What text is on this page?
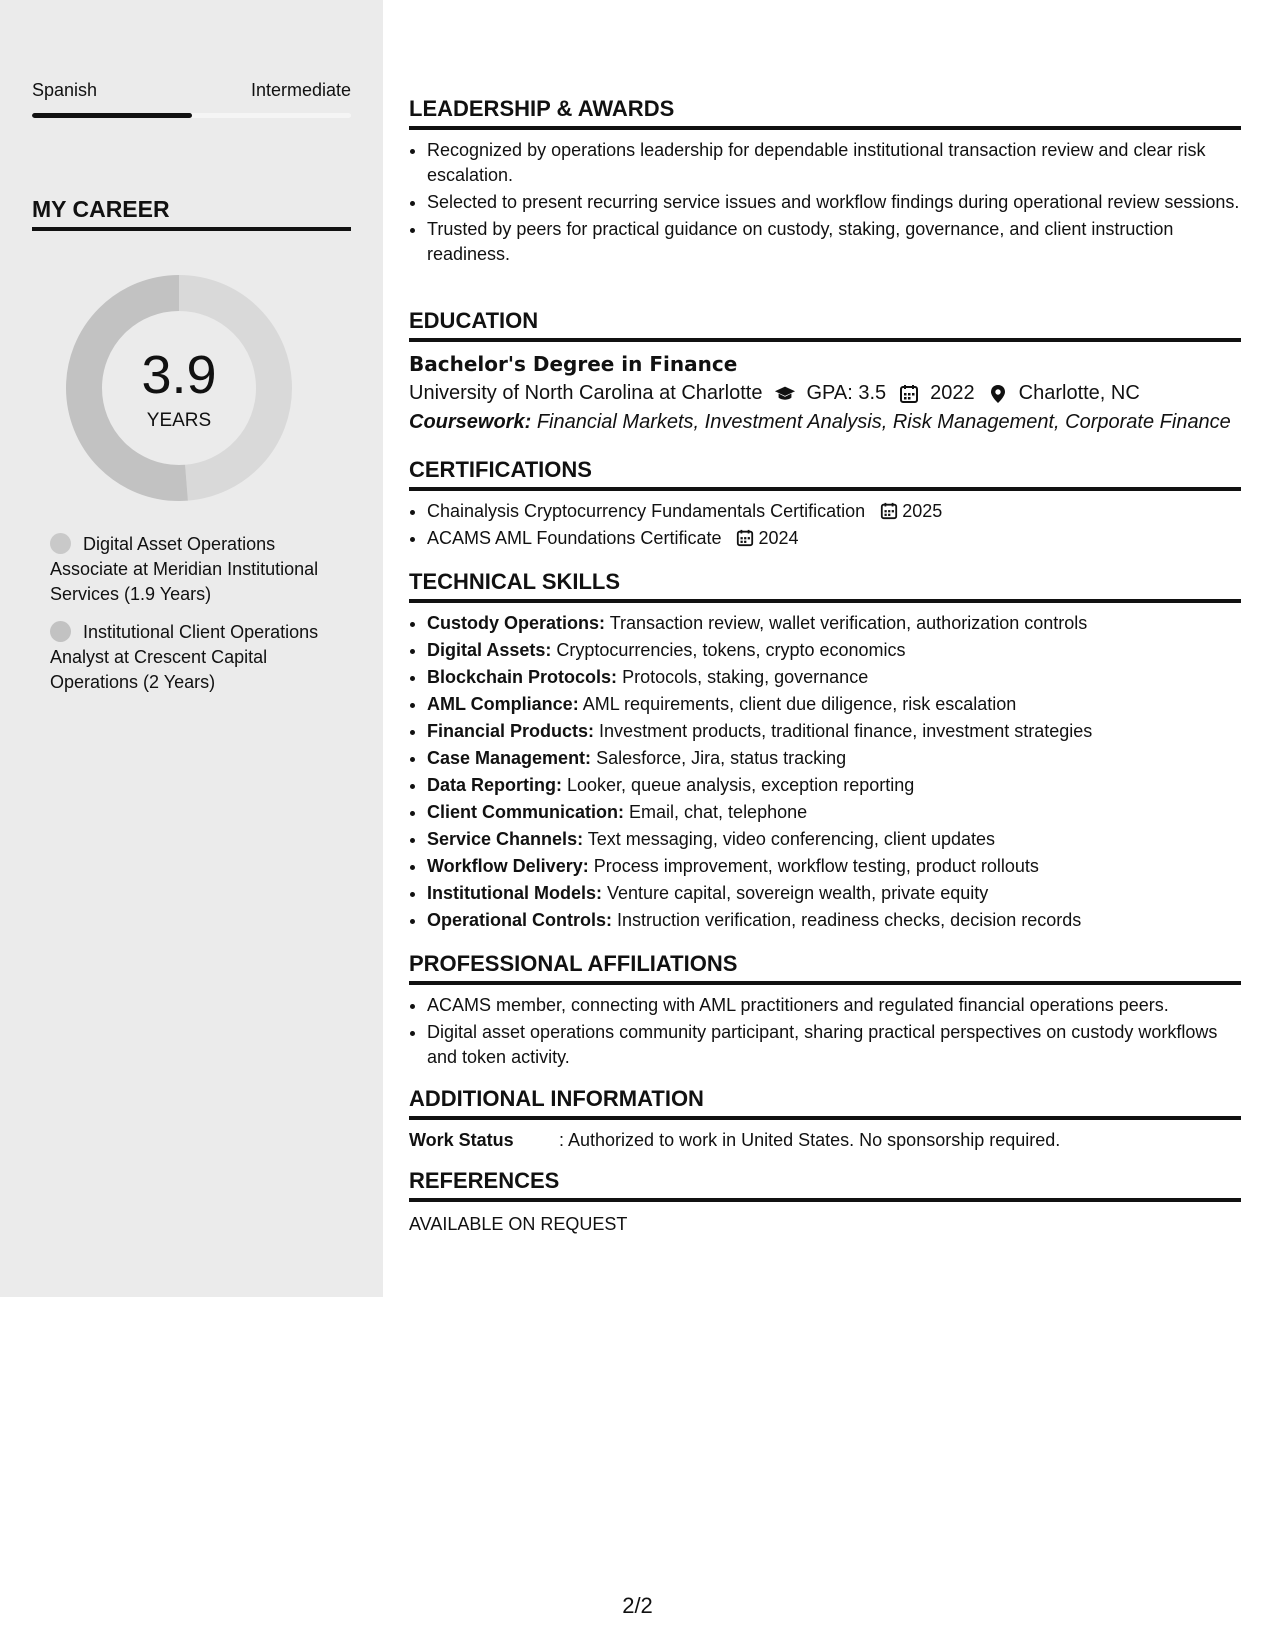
Spanish	Intermediate
MY CAREER
3.9
YEARS
Digital Asset Operations Associate at Meridian Institutional Services (1.9 Years)
Institutional Client Operations Analyst at Crescent Capital Operations (2 Years)
LEADERSHIP & AWARDS
• Recognized by operations leadership for dependable institutional transaction review and clear risk escalation.
• Selected to present recurring service issues and workflow findings during operational review sessions.
• Trusted by peers for practical guidance on custody, staking, governance, and client instruction readiness.
EDUCATION
Bachelor's Degree in Finance
University of North Carolina at Charlotte GPA: 3.5 2022 Charlotte, NC
Coursework: Financial Markets, Investment Analysis, Risk Management, Corporate Finance
CERTIFICATIONS
• Chainalysis Cryptocurrency Fundamentals Certification 2025
• ACAMS AML Foundations Certificate 2024
TECHNICAL SKILLS
• Custody Operations: Transaction review, wallet verification, authorization controls
• Digital Assets: Cryptocurrencies, tokens, crypto economics
• Blockchain Protocols: Protocols, staking, governance
• AML Compliance: AML requirements, client due diligence, risk escalation
• Financial Products: Investment products, traditional finance, investment strategies
• Case Management: Salesforce, Jira, status tracking
• Data Reporting: Looker, queue analysis, exception reporting
• Client Communication: Email, chat, telephone
• Service Channels: Text messaging, video conferencing, client updates
• Workflow Delivery: Process improvement, workflow testing, product rollouts
• Institutional Models: Venture capital, sovereign wealth, private equity
• Operational Controls: Instruction verification, readiness checks, decision records
PROFESSIONAL AFFILIATIONS
• ACAMS member, connecting with AML practitioners and regulated financial operations peers.
• Digital asset operations community participant, sharing practical perspectives on custody workflows and token activity.
ADDITIONAL INFORMATION
Work Status	: Authorized to work in United States. No sponsorship required.
REFERENCES
AVAILABLE ON REQUEST
2/2
